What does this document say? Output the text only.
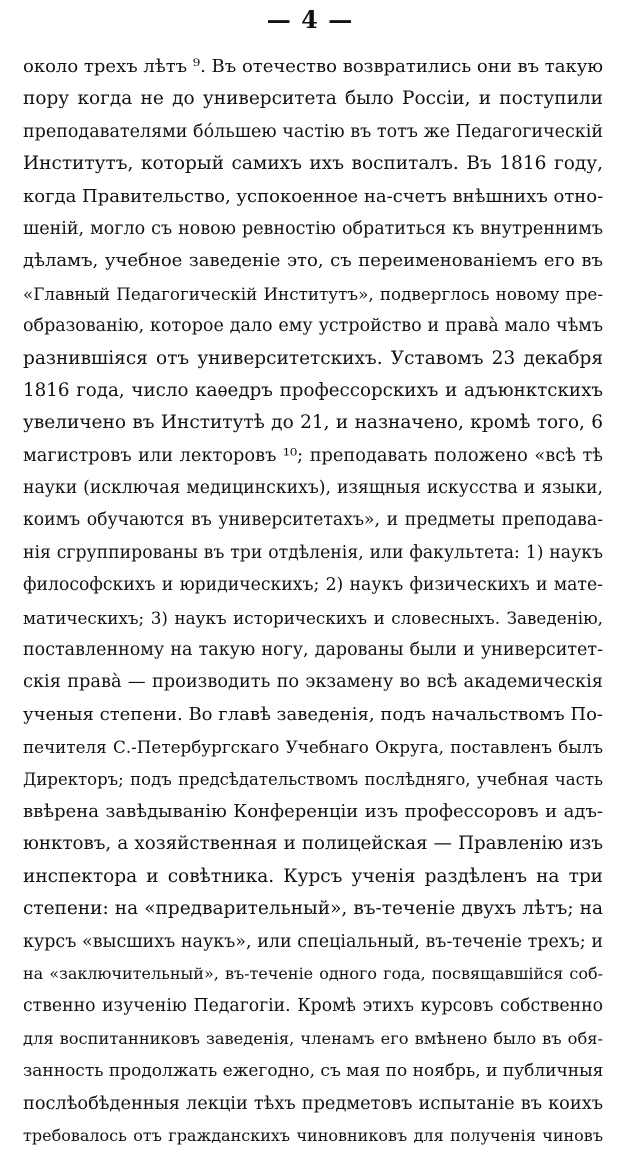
— 4 —
около трехъ лѣтъ ⁹. Въ отечество возвратились они въ такую
пору когда не до университета было Россіи, и поступили
преподавателями бóльшею частію въ тотъ же Педагогическій
Институтъ, который самихъ ихъ воспиталъ. Въ 1816 году,
когда Правительство, успокоенное на-счетъ внѣшнихъ отно-
шеній, могло съ новою ревностію обратиться къ внутреннимъ
дѣламъ, учебное заведеніе это, съ переименованіемъ его въ
«Главный Педагогическій Институтъ», подверглось новому пре-
образованію, которое дало ему устройство и правà мало чѣмъ
разнившіяся отъ университетскихъ. Уставомъ 23 декабря
1816 года, число каѳедръ профессорскихъ и адъюнктскихъ
увеличено въ Институтѣ до 21, и назначено, кромѣ того, 6
магистровъ или лекторовъ ¹⁰; преподавать положено «всѣ тѣ
науки (исключая медицинскихъ), изящныя искусства и языки,
коимъ обучаются въ университетахъ», и предметы преподава-
нія сгруппированы въ три отдѣленія, или факультета: 1) наукъ
философскихъ и юридическихъ; 2) наукъ физическихъ и мате-
матическихъ; 3) наукъ историческихъ и словесныхъ. Заведенію,
поставленному на такую ногу, дарованы были и университет-
скія правà — производить по экзамену во всѣ академическія
ученыя степени. Во главѣ заведенія, подъ начальствомъ По-
печителя С.-Петербургскаго Учебнаго Округа, поставленъ былъ
Директоръ; подъ предсѣдательствомъ послѣдняго, учебная часть
ввѣрена завѣдыванію Конференціи изъ профессоровъ и адъ-
юнктовъ, а хозяйственная и полицейская — Правленію изъ
инспектора и совѣтника. Курсъ ученія раздѣленъ на три
степени: на «предварительный», въ-теченіе двухъ лѣтъ; на
курсъ «высшихъ наукъ», или спеціальный, въ-теченіе трехъ; и
на «заключительный», въ-теченіе одного года, посвящавшійся соб-
ственно изученію Педагогіи. Кромѣ этихъ курсовъ собственно
для воспитанниковъ заведенія, членамъ его вмѣнено было въ обя-
занность продолжать ежегодно, съ мая по ноябрь, и публичныя
послѣобѣденныя лекціи тѣхъ предметовъ испытаніе въ коихъ
требовалось отъ гражданскихъ чиновниковъ для полученія чиновъ
